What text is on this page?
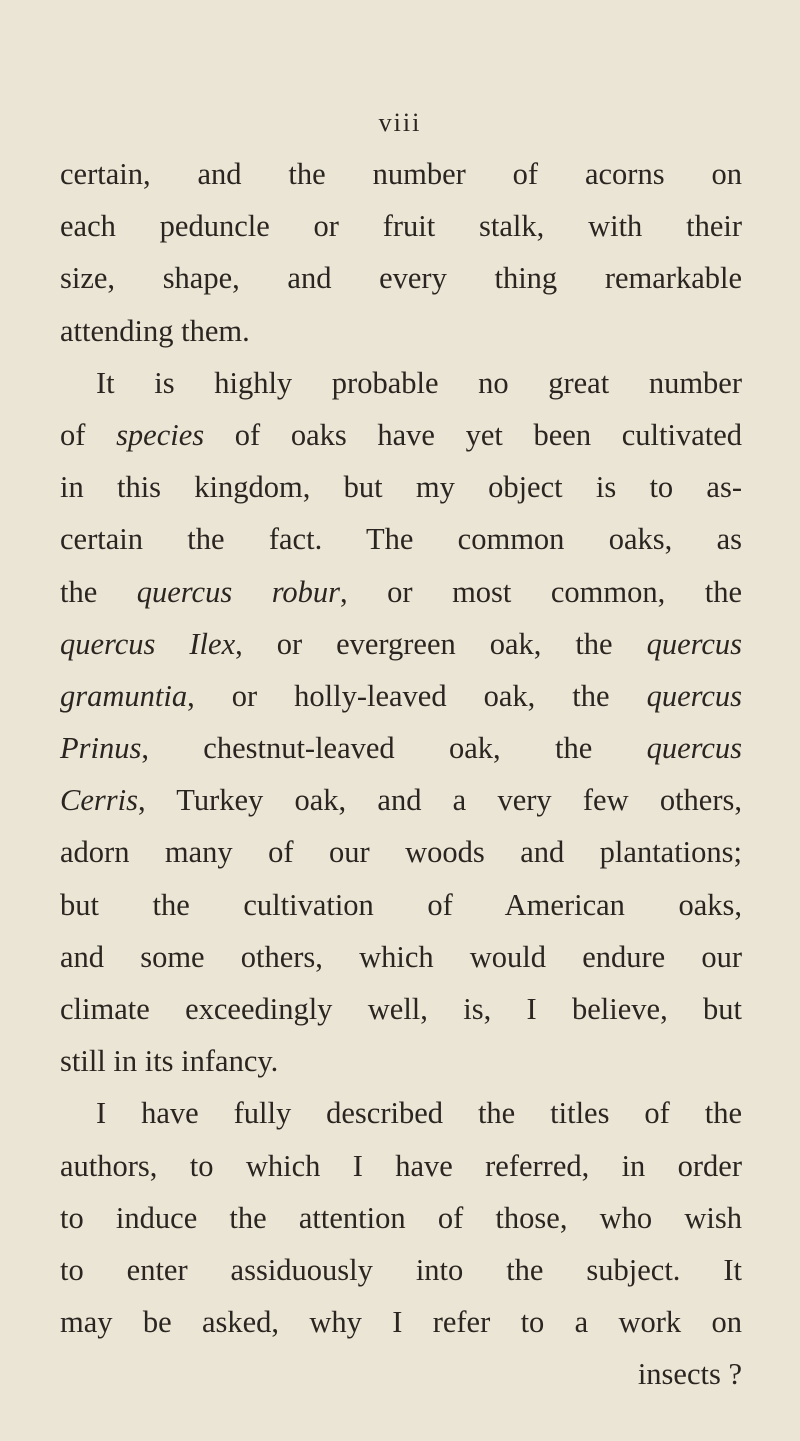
viii
certain, and the number of acorns on
each peduncle or fruit stalk, with their
size, shape, and every thing remarkable
attending them.
It is highly probable no great number
of species of oaks have yet been cultivated
in this kingdom, but my object is to as-
certain the fact. The common oaks, as
the quercus robur, or most common, the
quercus Ilex, or evergreen oak, the quercus
gramuntia, or holly-leaved oak, the quercus
Prinus, chestnut-leaved oak, the quercus
Cerris, Turkey oak, and a very few others,
adorn many of our woods and plantations;
but the cultivation of American oaks,
and some others, which would endure our
climate exceedingly well, is, I believe, but
still in its infancy.
I have fully described the titles of the
authors, to which I have referred, in order
to induce the attention of those, who wish
to enter assiduously into the subject. It
may be asked, why I refer to a work on
insects ?
